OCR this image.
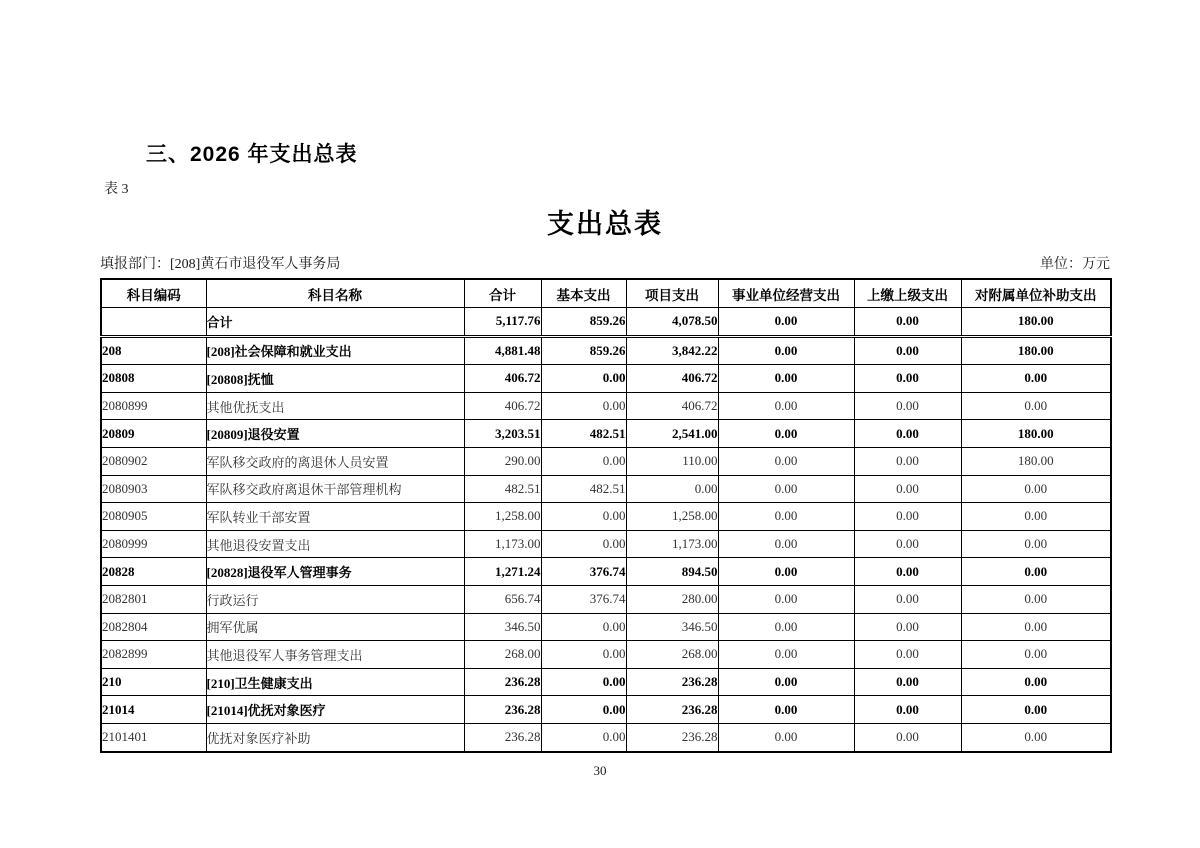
三、2026 年支出总表
表 3
支出总表
填报部门：[208]黄石市退役军人事务局	单位：万元
科目编码	科目名称	合计	基本支出	项目支出	事业单位经营支出	上缴上级支出	对附属单位补助支出
	合计	5,117.76	859.26	4,078.50	0.00	0.00	180.00
208	[208]社会保障和就业支出	4,881.48	859.26	3,842.22	0.00	0.00	180.00
20808	[20808]抚恤	406.72	0.00	406.72	0.00	0.00	0.00
2080899	其他优抚支出	406.72	0.00	406.72	0.00	0.00	0.00
20809	[20809]退役安置	3,203.51	482.51	2,541.00	0.00	0.00	180.00
2080902	军队移交政府的离退休人员安置	290.00	0.00	110.00	0.00	0.00	180.00
2080903	军队移交政府离退休干部管理机构	482.51	482.51	0.00	0.00	0.00	0.00
2080905	军队转业干部安置	1,258.00	0.00	1,258.00	0.00	0.00	0.00
2080999	其他退役安置支出	1,173.00	0.00	1,173.00	0.00	0.00	0.00
20828	[20828]退役军人管理事务	1,271.24	376.74	894.50	0.00	0.00	0.00
2082801	行政运行	656.74	376.74	280.00	0.00	0.00	0.00
2082804	拥军优属	346.50	0.00	346.50	0.00	0.00	0.00
2082899	其他退役军人事务管理支出	268.00	0.00	268.00	0.00	0.00	0.00
210	[210]卫生健康支出	236.28	0.00	236.28	0.00	0.00	0.00
21014	[21014]优抚对象医疗	236.28	0.00	236.28	0.00	0.00	0.00
2101401	优抚对象医疗补助	236.28	0.00	236.28	0.00	0.00	0.00
30
